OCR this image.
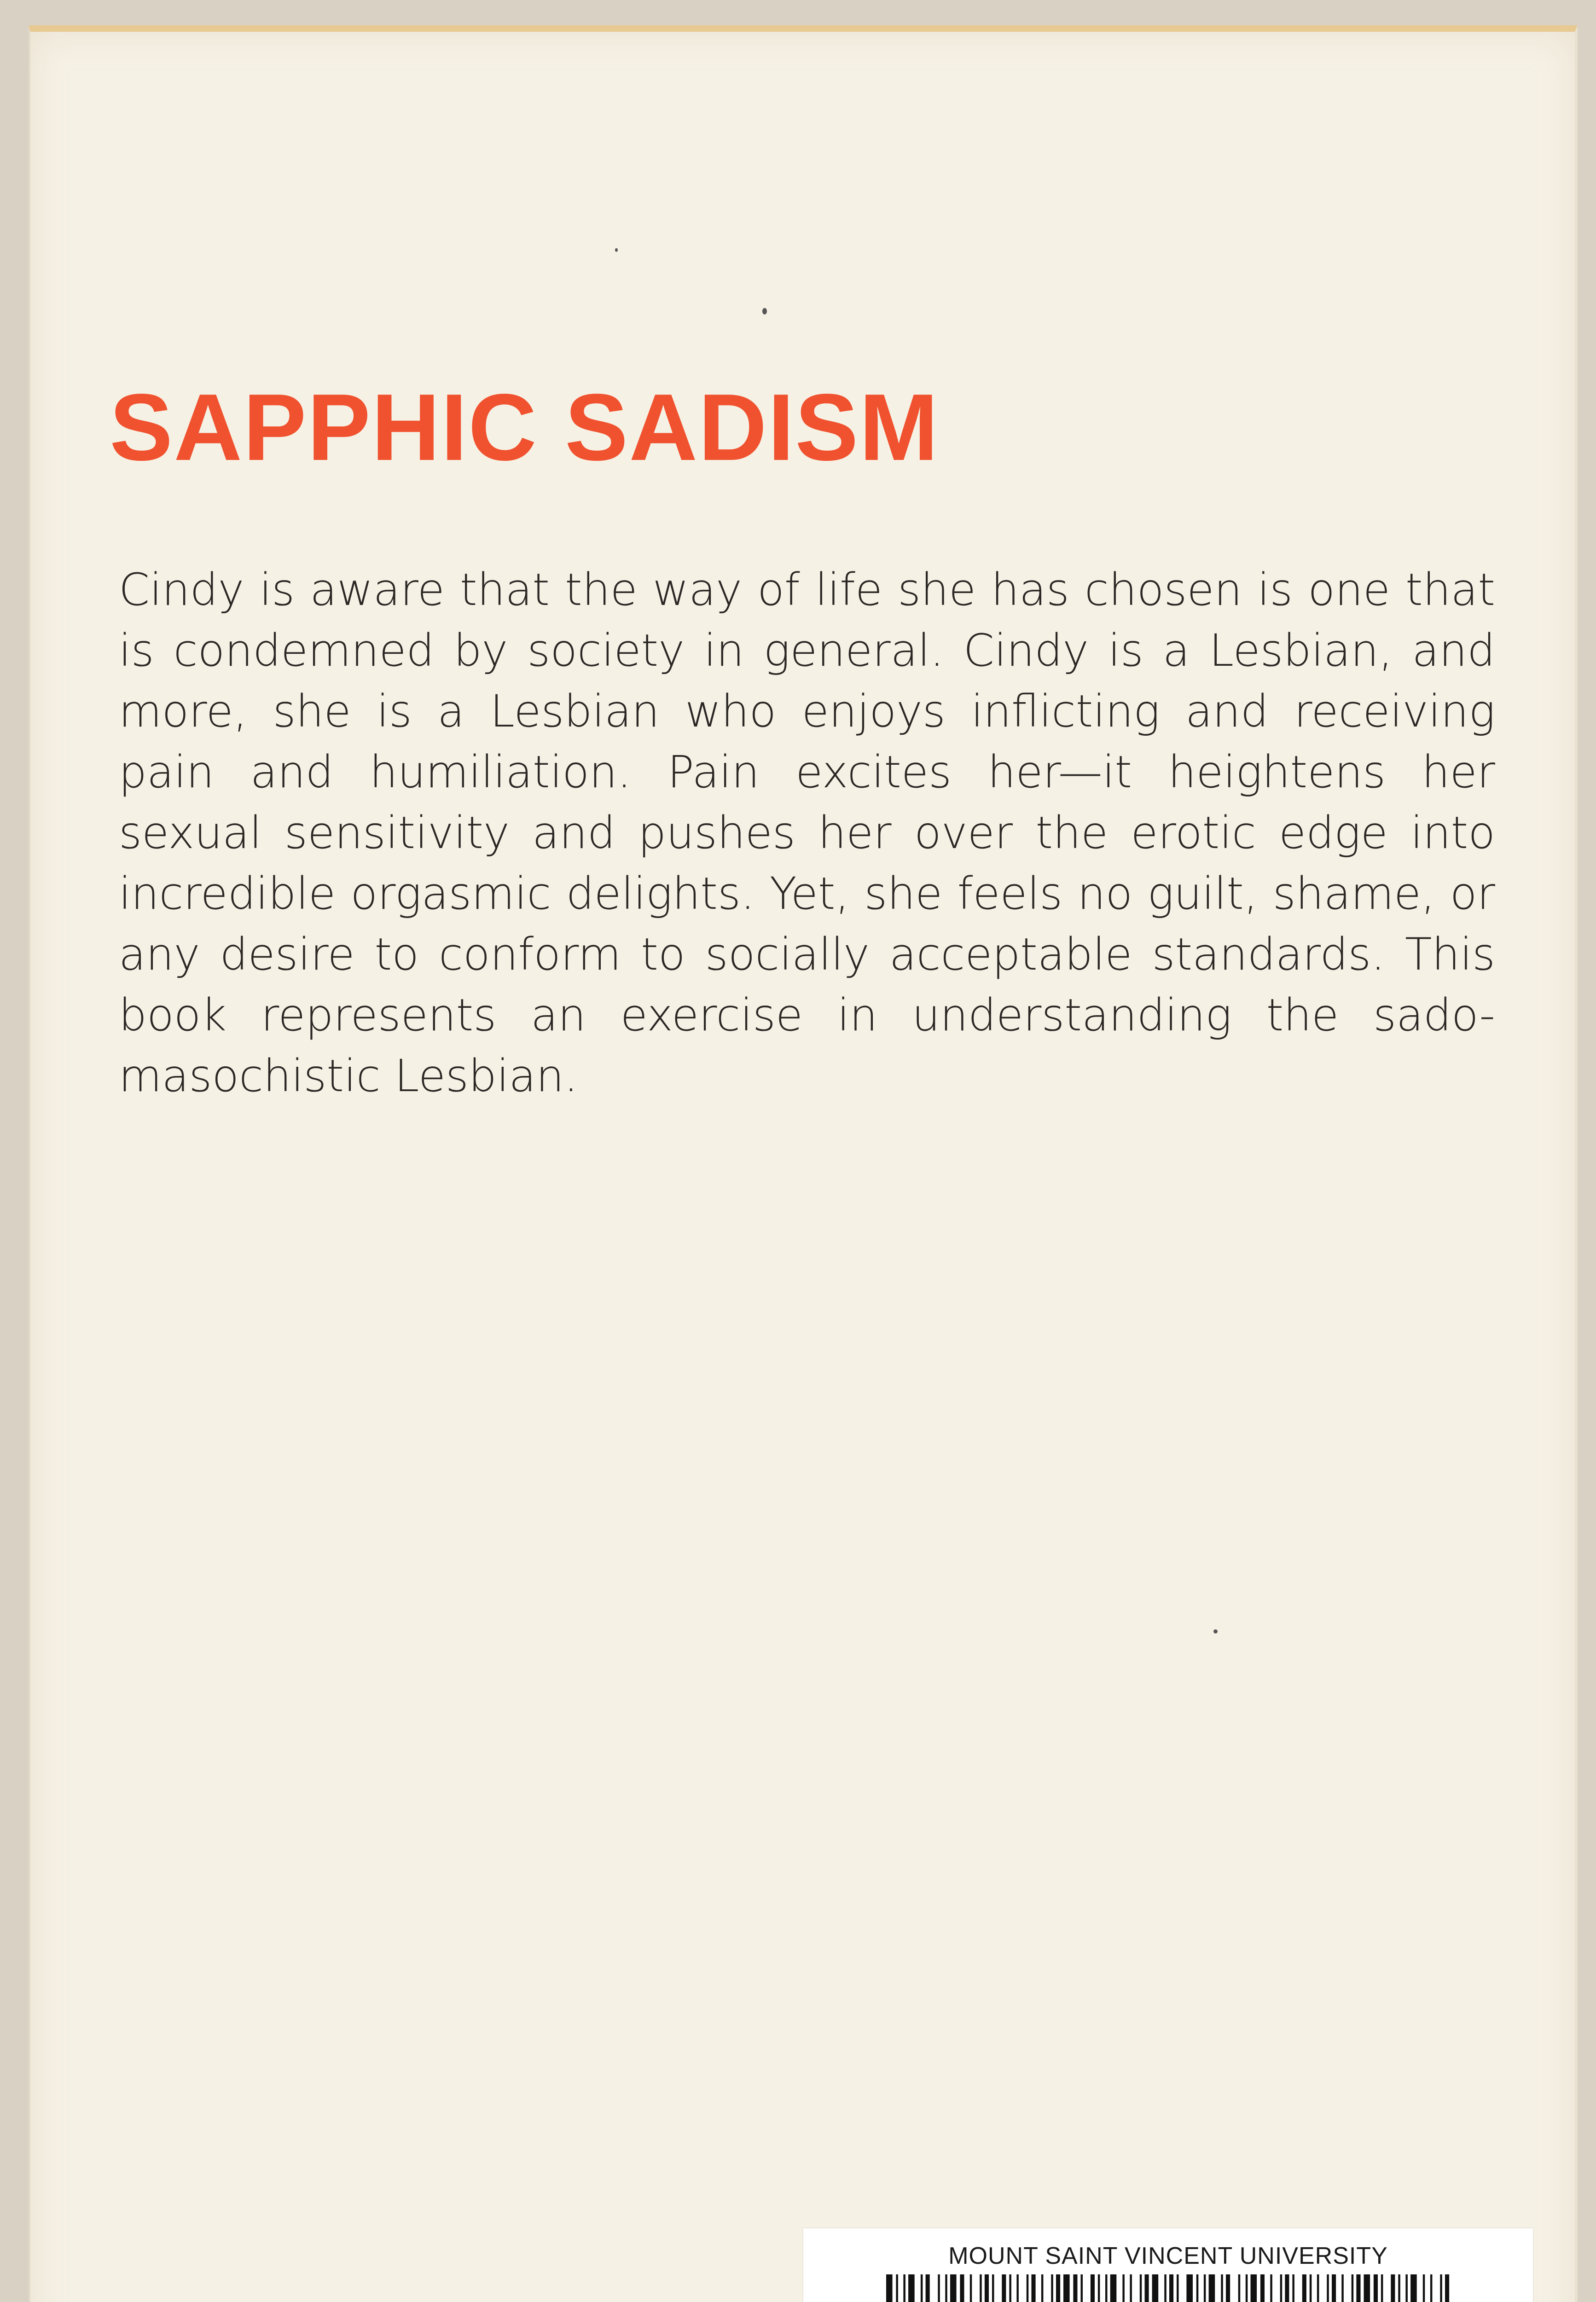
SAPPHIC SADISM

Cindy is aware that the way of life she has chosen is one that is condemned by society in general. Cindy is a Lesbian, and more, she is a Lesbian who enjoys inflicting and receiving pain and humiliation. Pain excites her—it heightens her sexual sensitivity and pushes her over the erotic edge into incredible orgasmic delights. Yet, she feels no guilt, shame, or any desire to conform to socially acceptable standards. This book represents an exercise in understanding the sado-masochistic Lesbian.

MOUNT SAINT VINCENT UNIVERSITY
